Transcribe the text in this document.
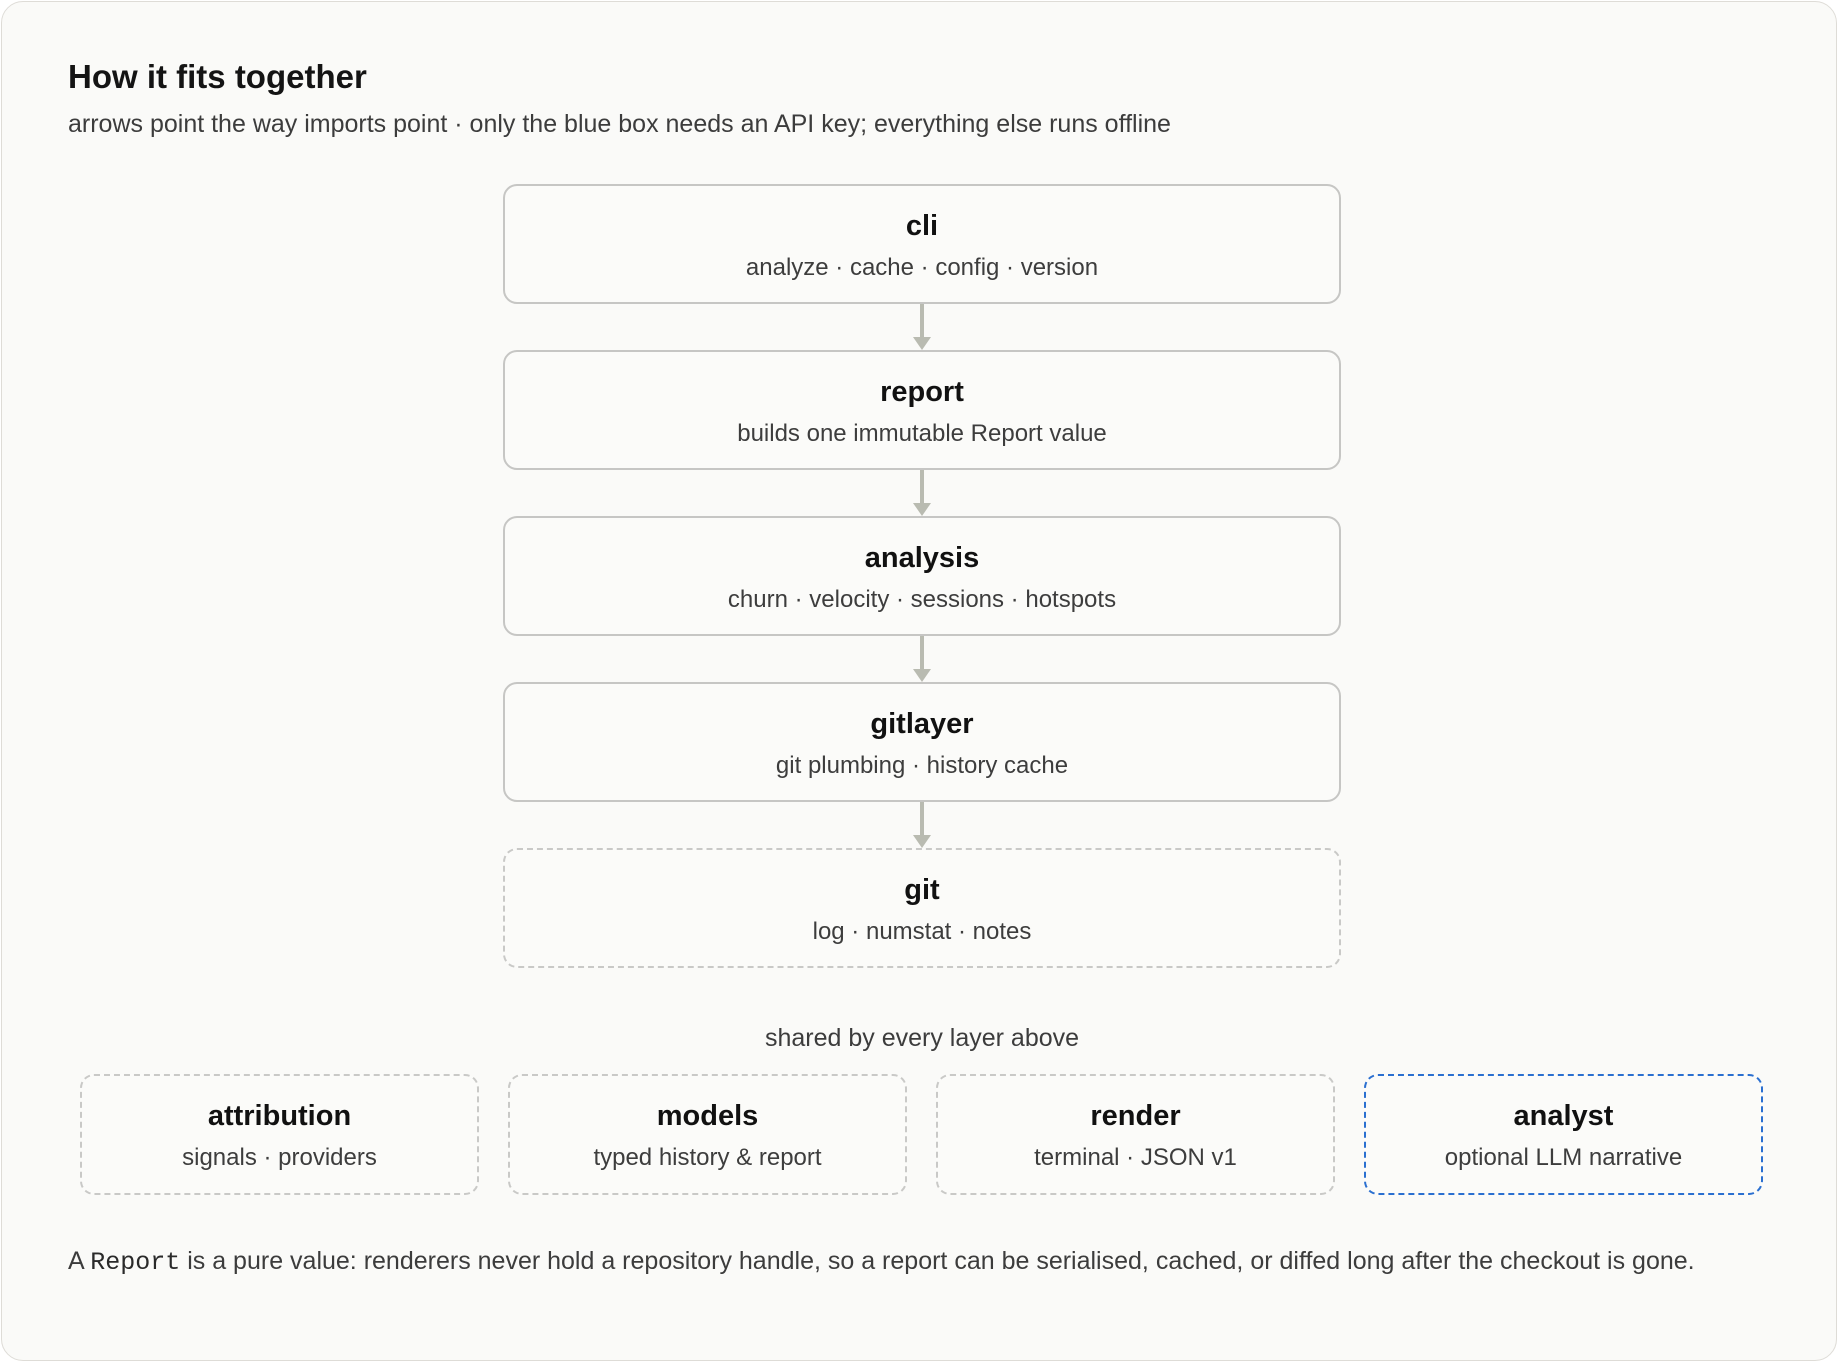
How it fits together
arrows point the way imports point · only the blue box needs an API key; everything else runs offline
cli
analyze · cache · config · version
report
builds one immutable Report value
analysis
churn · velocity · sessions · hotspots
gitlayer
git plumbing · history cache
git
log · numstat · notes
shared by every layer above
attribution
signals · providers
models
typed history & report
render
terminal · JSON v1
analyst
optional LLM narrative
A Report is a pure value: renderers never hold a repository handle, so a report can be serialised, cached, or diffed long after the checkout is gone.
